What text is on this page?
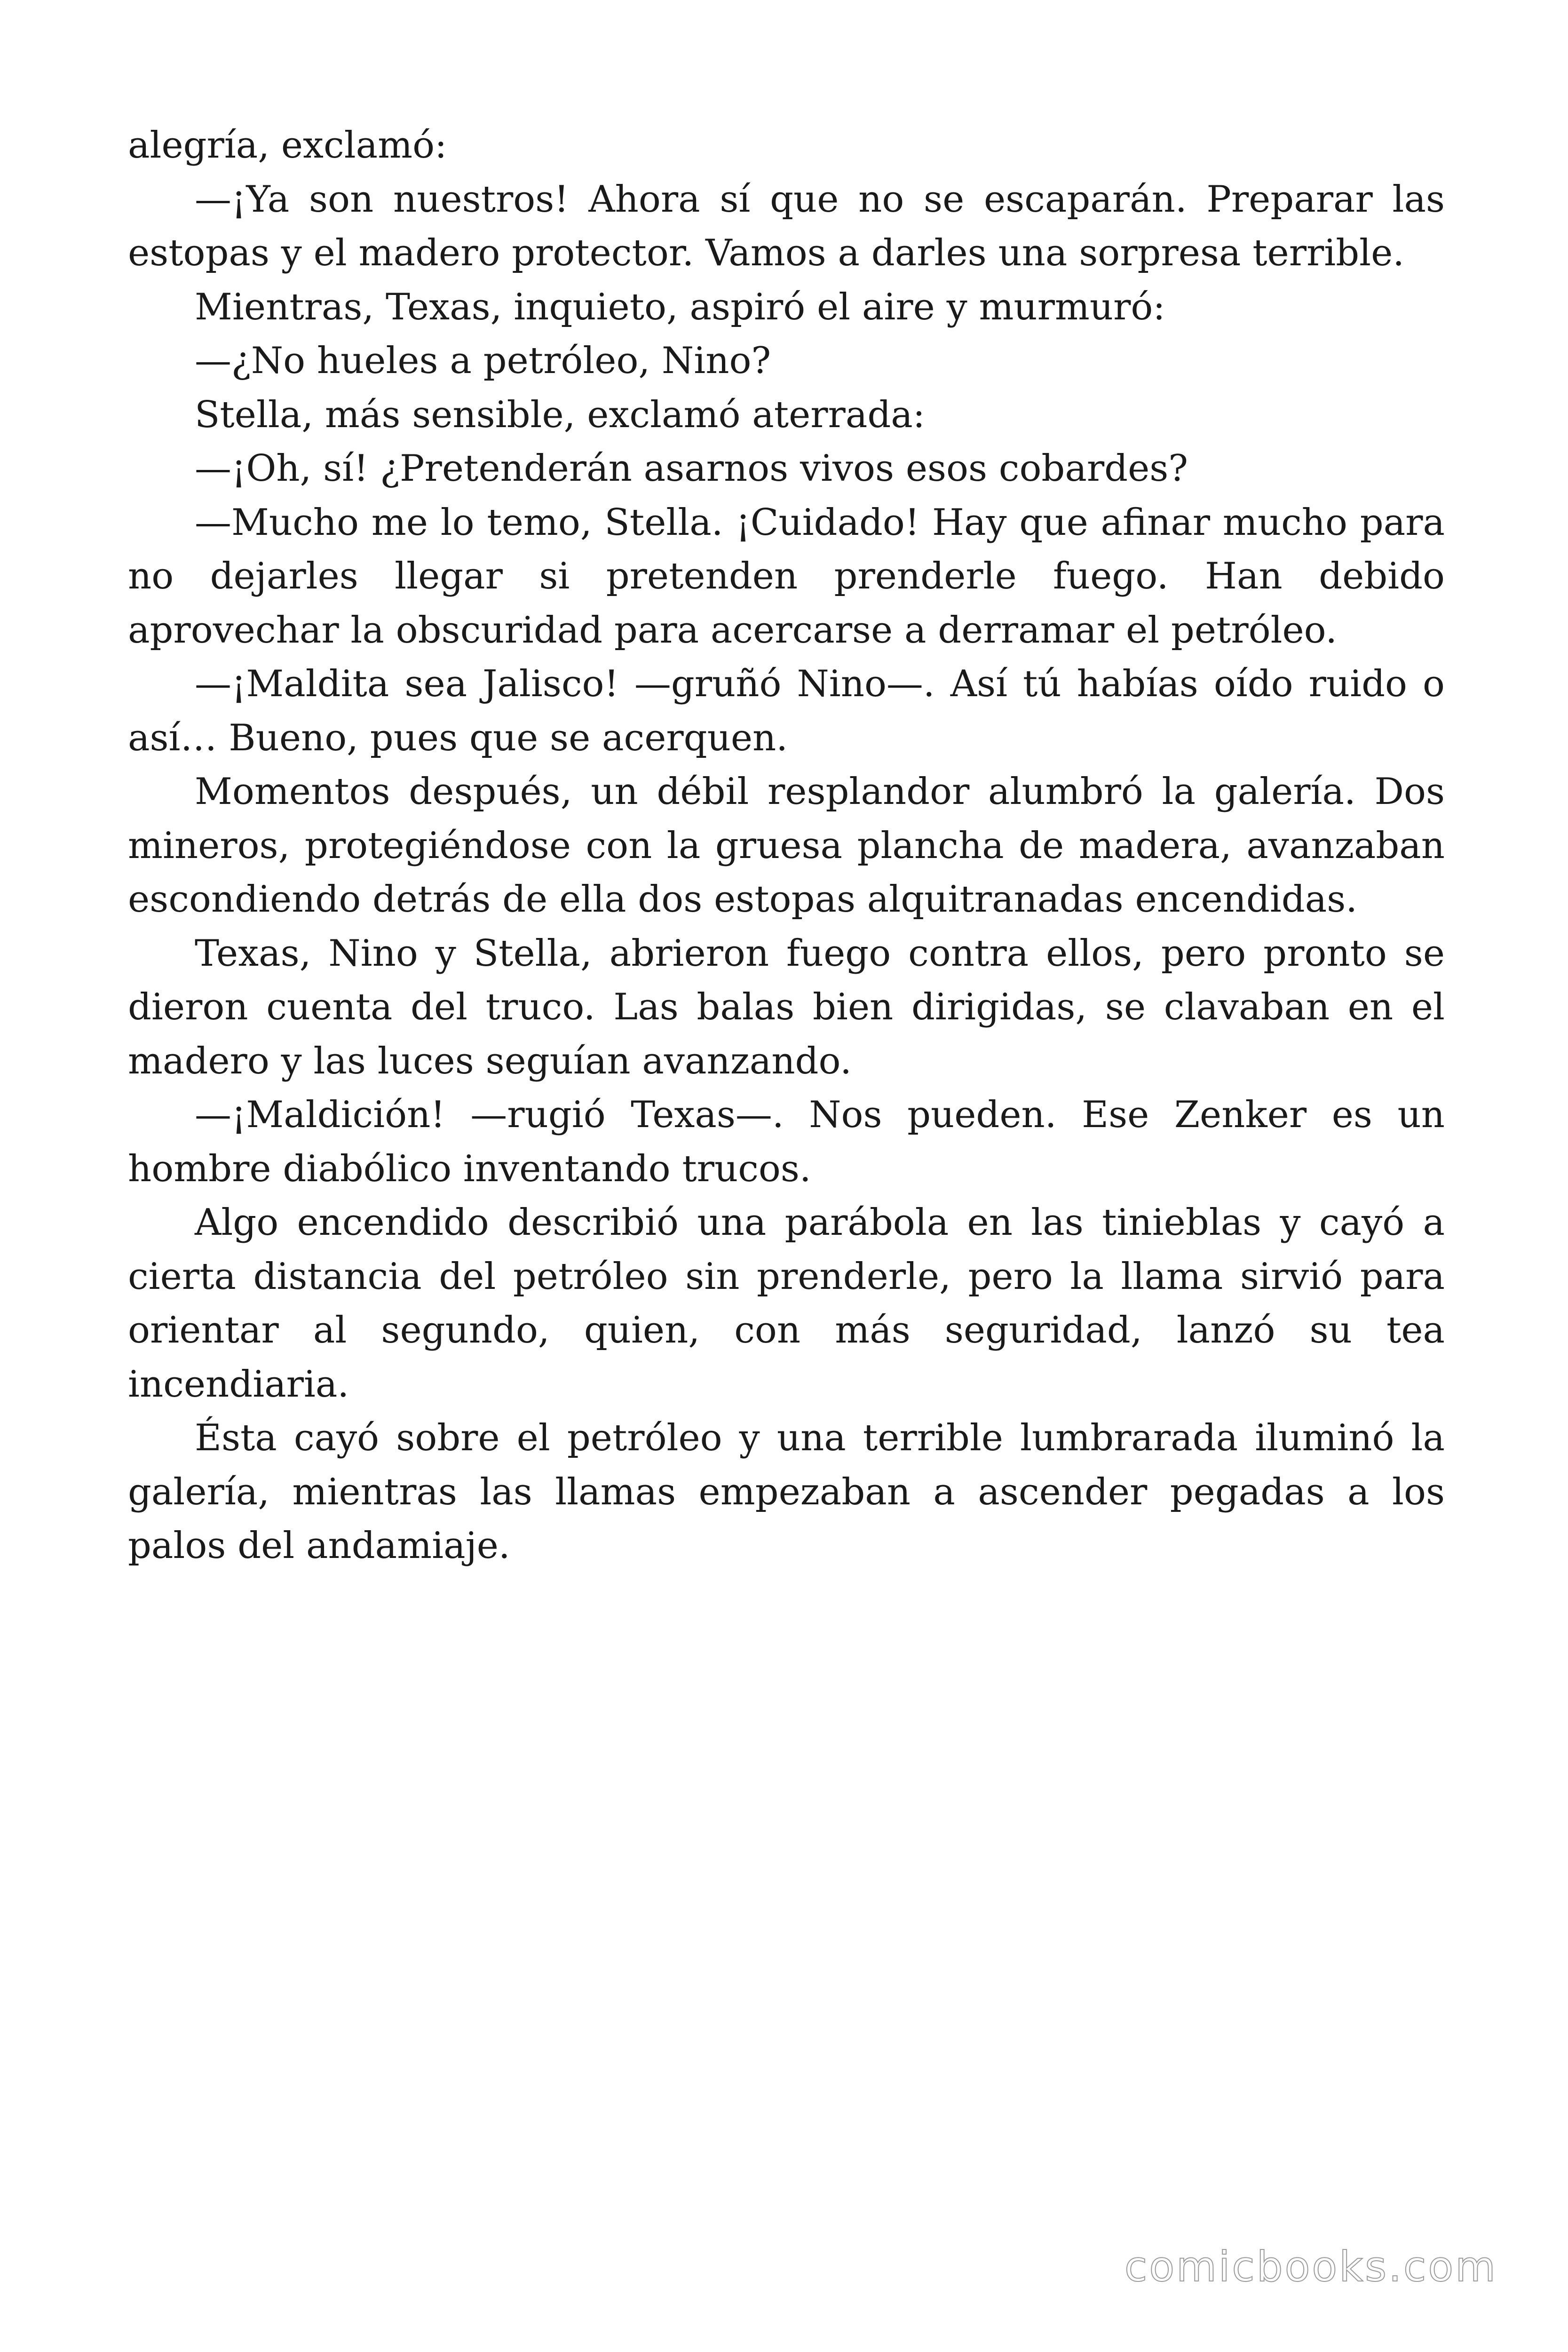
alegría, exclamó:

—¡Ya son nuestros! Ahora sí que no se escaparán. Preparar las estopas y el madero protector. Vamos a darles una sorpresa terrible.

Mientras, Texas, inquieto, aspiró el aire y murmuró:

—¿No hueles a petróleo, Nino?

Stella, más sensible, exclamó aterrada:

—¡Oh, sí! ¿Pretenderán asarnos vivos esos cobardes?

—Mucho me lo temo, Stella. ¡Cuidado! Hay que afinar mucho para no dejarles llegar si pretenden prenderle fuego. Han debido aprovechar la obscuridad para acercarse a derramar el petróleo.

—¡Maldita sea Jalisco! —gruñó Nino—. Así tú habías oído ruido o así… Bueno, pues que se acerquen.

Momentos después, un débil resplandor alumbró la galería. Dos mineros, protegiéndose con la gruesa plancha de madera, avanzaban escondiendo detrás de ella dos estopas alquitranadas encendidas.

Texas, Nino y Stella, abrieron fuego contra ellos, pero pronto se dieron cuenta del truco. Las balas bien dirigidas, se clavaban en el madero y las luces seguían avanzando.

—¡Maldición! —rugió Texas—. Nos pueden. Ese Zenker es un hombre diabólico inventando trucos.

Algo encendido describió una parábola en las tinieblas y cayó a cierta distancia del petróleo sin prenderle, pero la llama sirvió para orientar al segundo, quien, con más seguridad, lanzó su tea incendiaria.

Ésta cayó sobre el petróleo y una terrible lumbrarada iluminó la galería, mientras las llamas empezaban a ascender pegadas a los palos del andamiaje.

comicbooks.com
